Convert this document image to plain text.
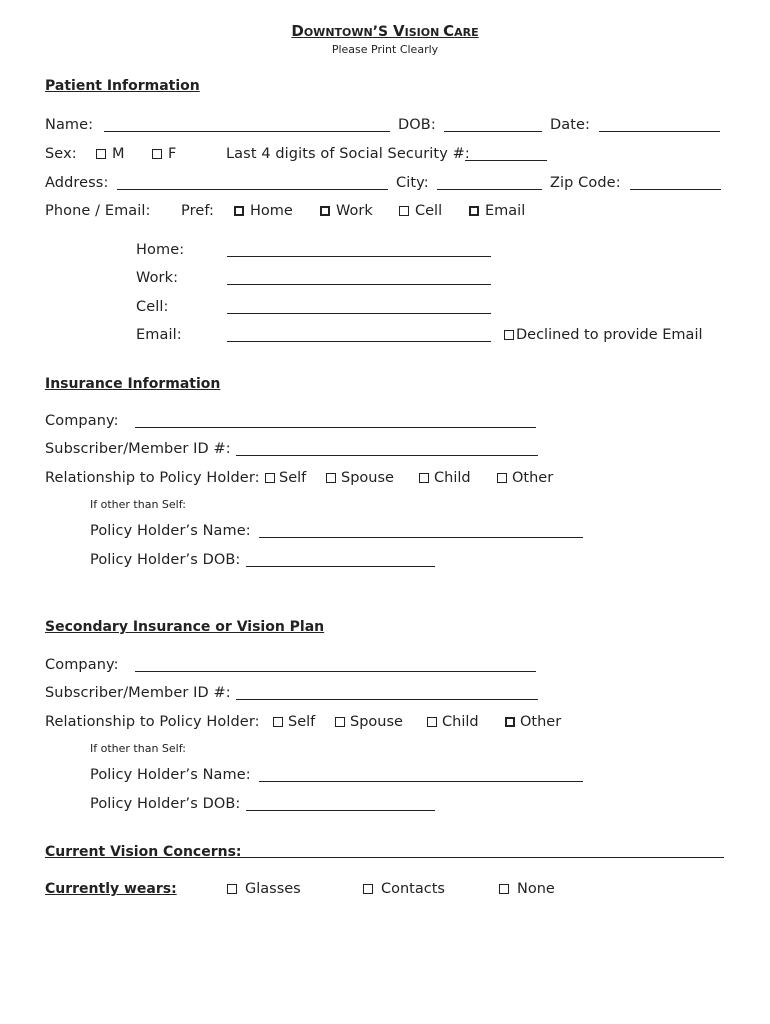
DOWNTOWN’S VISION CARE
Please Print Clearly
Patient Information
Name:	DOB:	Date:
Sex:	M	F	Last 4 digits of Social Security #:
Address:	City:	Zip Code:
Phone / Email: Pref:	Home	Work	Cell	Email
Home:
Work:
Cell:
Email:	Declined to provide Email
Insurance Information
Company:
Subscriber/Member ID #:
Relationship to Policy Holder:	Self	Spouse	Child	Other
If other than Self:
Policy Holder’s Name:
Policy Holder’s DOB:
Secondary Insurance or Vision Plan
Company:
Subscriber/Member ID #:
Relationship to Policy Holder:	Self	Spouse	Child	Other
If other than Self:
Policy Holder’s Name:
Policy Holder’s DOB:
Current Vision Concerns:
Currently wears:	Glasses	Contacts	None
